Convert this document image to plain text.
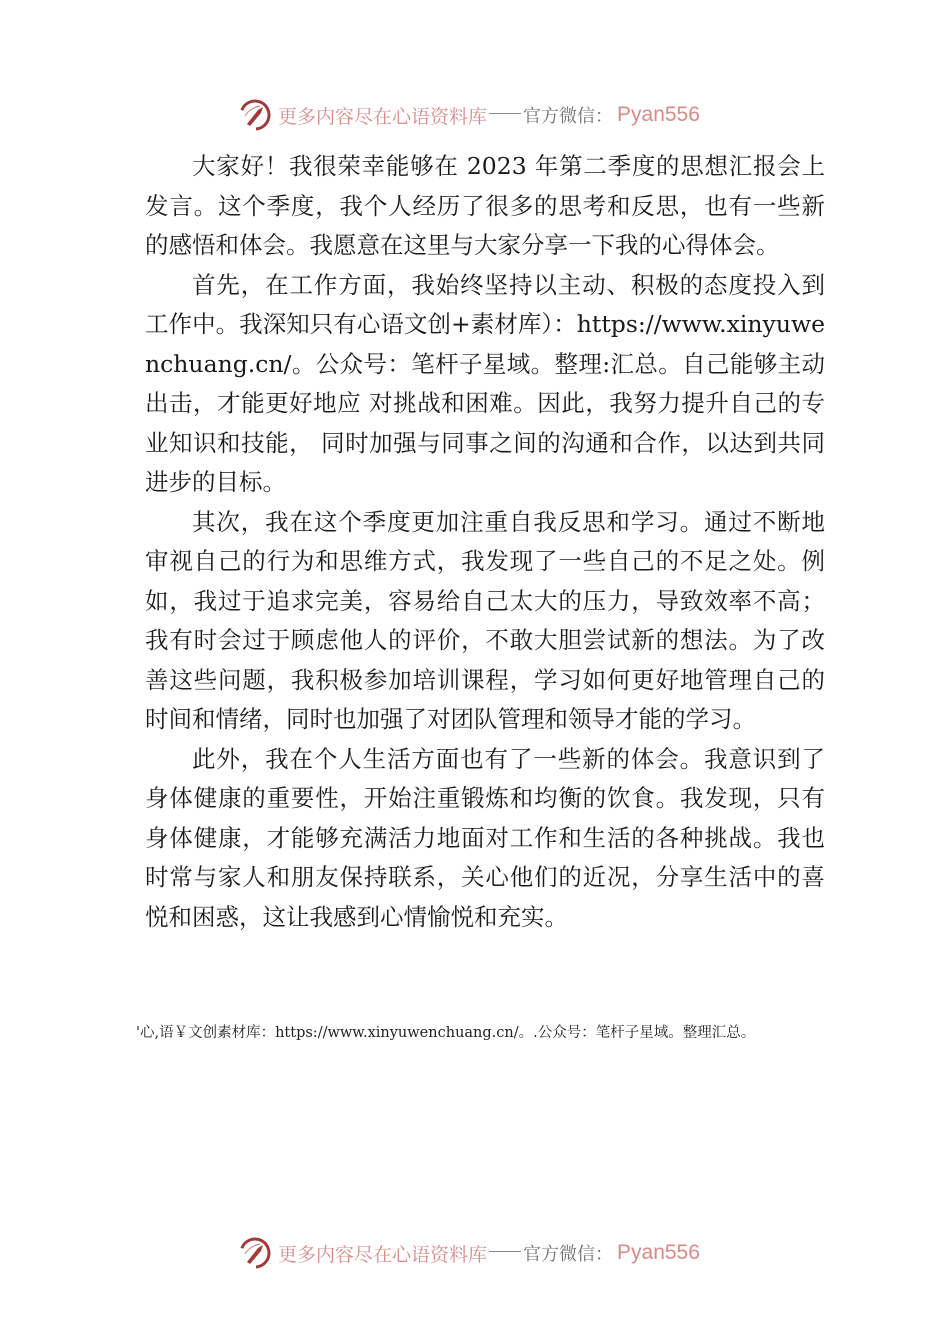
更多内容尽在心语资料库 官方微信： Pyan556

大家好！我很荣幸能够在 2023 年第二季度的思想汇报会上发言。这个季度，我个人经历了很多的思考和反思，也有一些新的感悟和体会。我愿意在这里与大家分享一下我的心得体会。

首先，在工作方面，我始终坚持以主动、积极的态度投入到工作中。我深知只有心语文创+素材库）：https://www.xinyuwenchuang.cn/。公众号：笔杆子星域。整理:汇总。自己能够主动出击，才能更好地应 对挑战和困难。因此，我努力提升自己的专业知识和技能， 同时加强与同事之间的沟通和合作，以达到共同进步的目标。

其次，我在这个季度更加注重自我反思和学习。通过不断地审视自己的行为和思维方式，我发现了一些自己的不足之处。例如，我过于追求完美，容易给自己太大的压力，导致效率不高；我有时会过于顾虑他人的评价，不敢大胆尝试新的想法。为了改善这些问题，我积极参加培训课程，学习如何更好地管理自己的时间和情绪，同时也加强了对团队管理和领导才能的学习。

此外，我在个人生活方面也有了一些新的体会。我意识到了身体健康的重要性，开始注重锻炼和均衡的饮食。我发现，只有身体健康，才能够充满活力地面对工作和生活的各种挑战。我也时常与家人和朋友保持联系，关心他们的近况，分享生活中的喜悦和困惑，这让我感到心情愉悦和充实。

'心,语￥文创素材库：https://www.xinyuwenchuang.cn/。.公众号：笔杆子星域。整理汇总。
更多内容尽在心语资料库 官方微信： Pyan556
